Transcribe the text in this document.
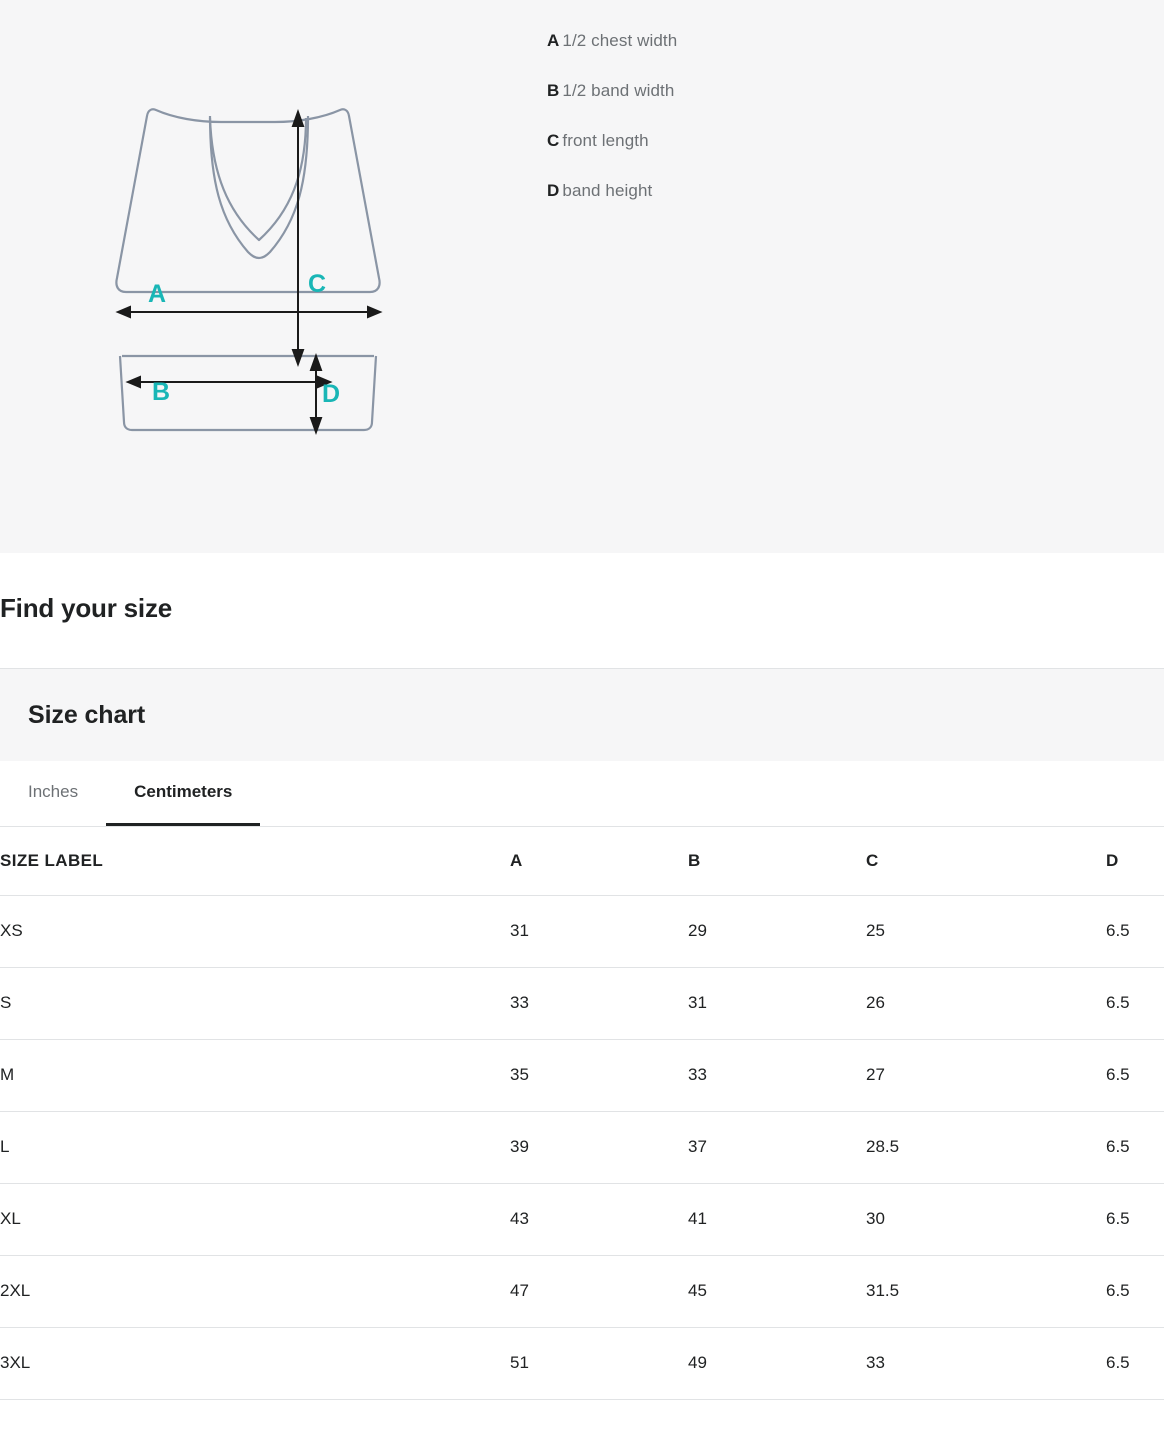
A
B
C
D
A 1/2 chest width
B 1/2 band width
C front length
D band height
Find your size
Size chart
Inches	Centimeters
SIZE LABEL	A	B	C	D
XS	31	29	25	6.5
S	33	31	26	6.5
M	35	33	27	6.5
L	39	37	28.5	6.5
XL	43	41	30	6.5
2XL	47	45	31.5	6.5
3XL	51	49	33	6.5
